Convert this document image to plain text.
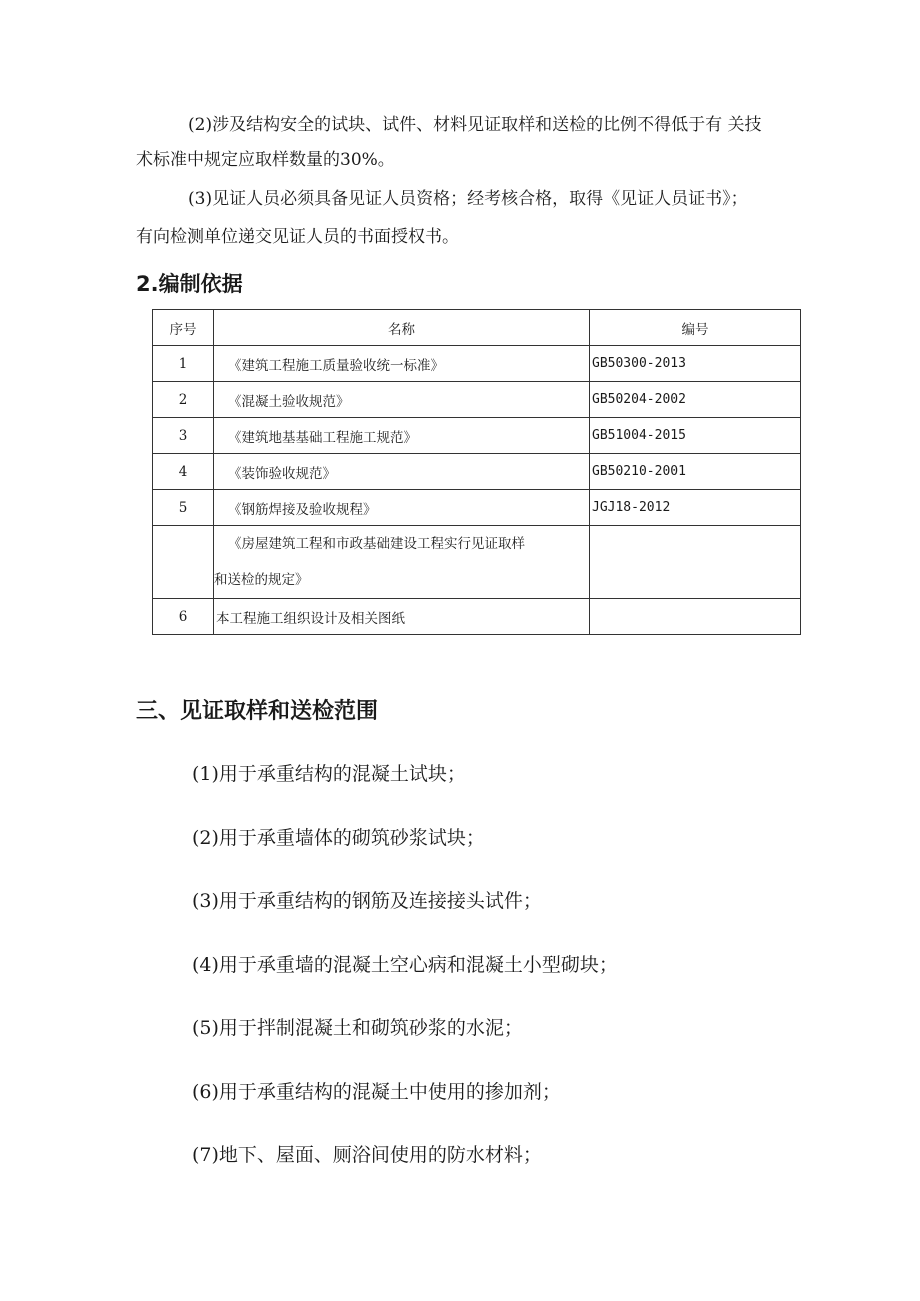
(2)涉及结构安全的试块、试件、材料见证取样和送检的比例不得低于有 关技

术标准中规定应取样数量的30%。

(3)见证人员必须具备见证人员资格；经考核合格，取得《见证人员证书》；

有向检测单位递交见证人员的书面授权书。

2.编制依据
序号	名称	编号
1	《建筑工程施工质量验收统一标准》	GB50300-2013
2	《混凝土验收规范》	GB50204-2002
3	《建筑地基基础工程施工规范》	GB51004-2015
4	《装饰验收规范》	GB50210-2001
5	《钢筋焊接及验收规程》	JGJ18-2012

	《房屋建筑工程和市政基础建设工程实行见证取样
和送检的规定》	

6	本工程施工组织设计及相关图纸	
三、见证取样和送检范围
(1)用于承重结构的混凝土试块；
(2)用于承重墙体的砌筑砂浆试块；
(3)用于承重结构的钢筋及连接接头试件；
(4)用于承重墙的混凝土空心病和混凝土小型砌块；
(5)用于拌制混凝土和砌筑砂浆的水泥；
(6)用于承重结构的混凝土中使用的掺加剂；
(7)地下、屋面、厕浴间使用的防水材料；
